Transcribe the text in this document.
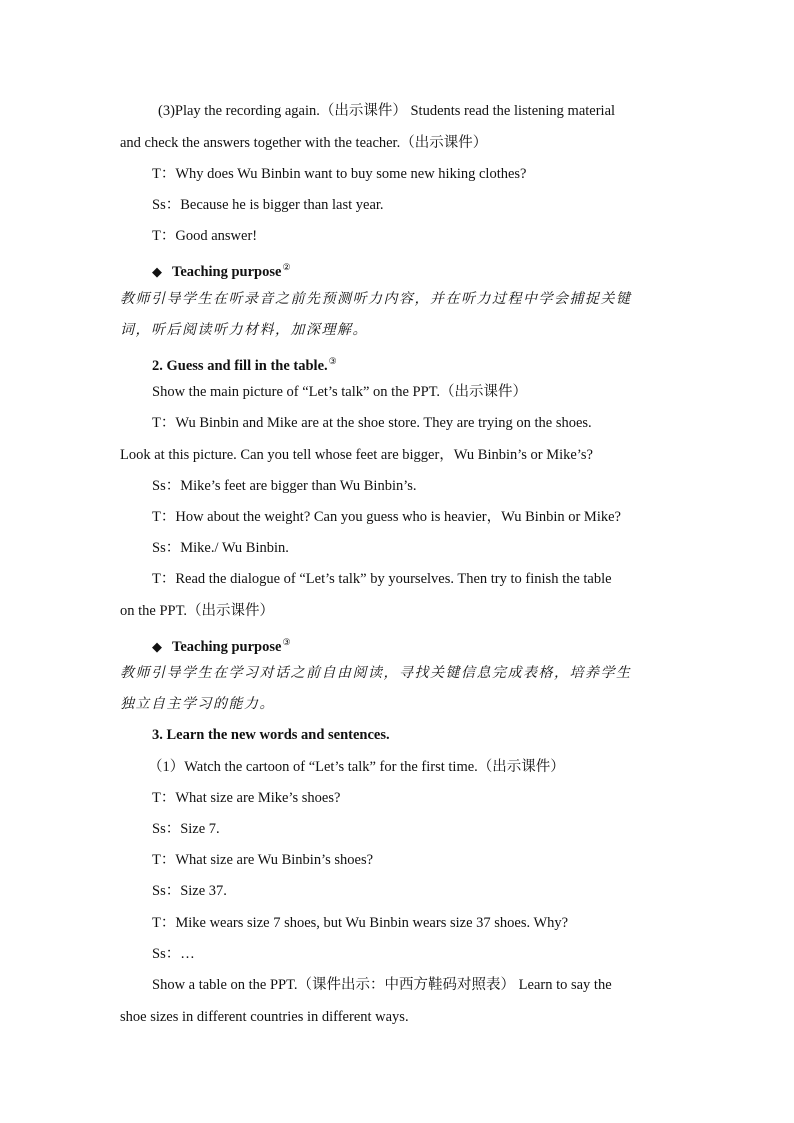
(3)Play the recording again.（出示课件） Students read the listening material
and check the answers together with the teacher.（出示课件）
T：Why does Wu Binbin want to buy some new hiking clothes?
Ss：Because he is bigger than last year.
T：Good answer!
◆ Teaching purpose②
教师引导学生在听录音之前先预测听力内容，并在听力过程中学会捕捉关键
词，听后阅读听力材料，加深理解。
2. Guess and fill in the table.③
Show the main picture of “Let’s talk” on the PPT.（出示课件）
T：Wu Binbin and Mike are at the shoe store. They are trying on the shoes.
Look at this picture. Can you tell whose feet are bigger，Wu Binbin’s or Mike’s?
Ss：Mike’s feet are bigger than Wu Binbin’s.
T：How about the weight? Can you guess who is heavier，Wu Binbin or Mike?
Ss：Mike./ Wu Binbin.
T：Read the dialogue of “Let’s talk” by yourselves. Then try to finish the table
on the PPT.（出示课件）
◆ Teaching purpose③
教师引导学生在学习对话之前自由阅读，寻找关键信息完成表格，培养学生
独立自主学习的能力。
3. Learn the new words and sentences.
（1）Watch the cartoon of “Let’s talk” for the first time.（出示课件）
T：What size are Mike’s shoes?
Ss：Size 7.
T：What size are Wu Binbin’s shoes?
Ss：Size 37.
T：Mike wears size 7 shoes, but Wu Binbin wears size 37 shoes. Why?
Ss：…
Show a table on the PPT.（课件出示：中西方鞋码对照表） Learn to say the
shoe sizes in different countries in different ways.
